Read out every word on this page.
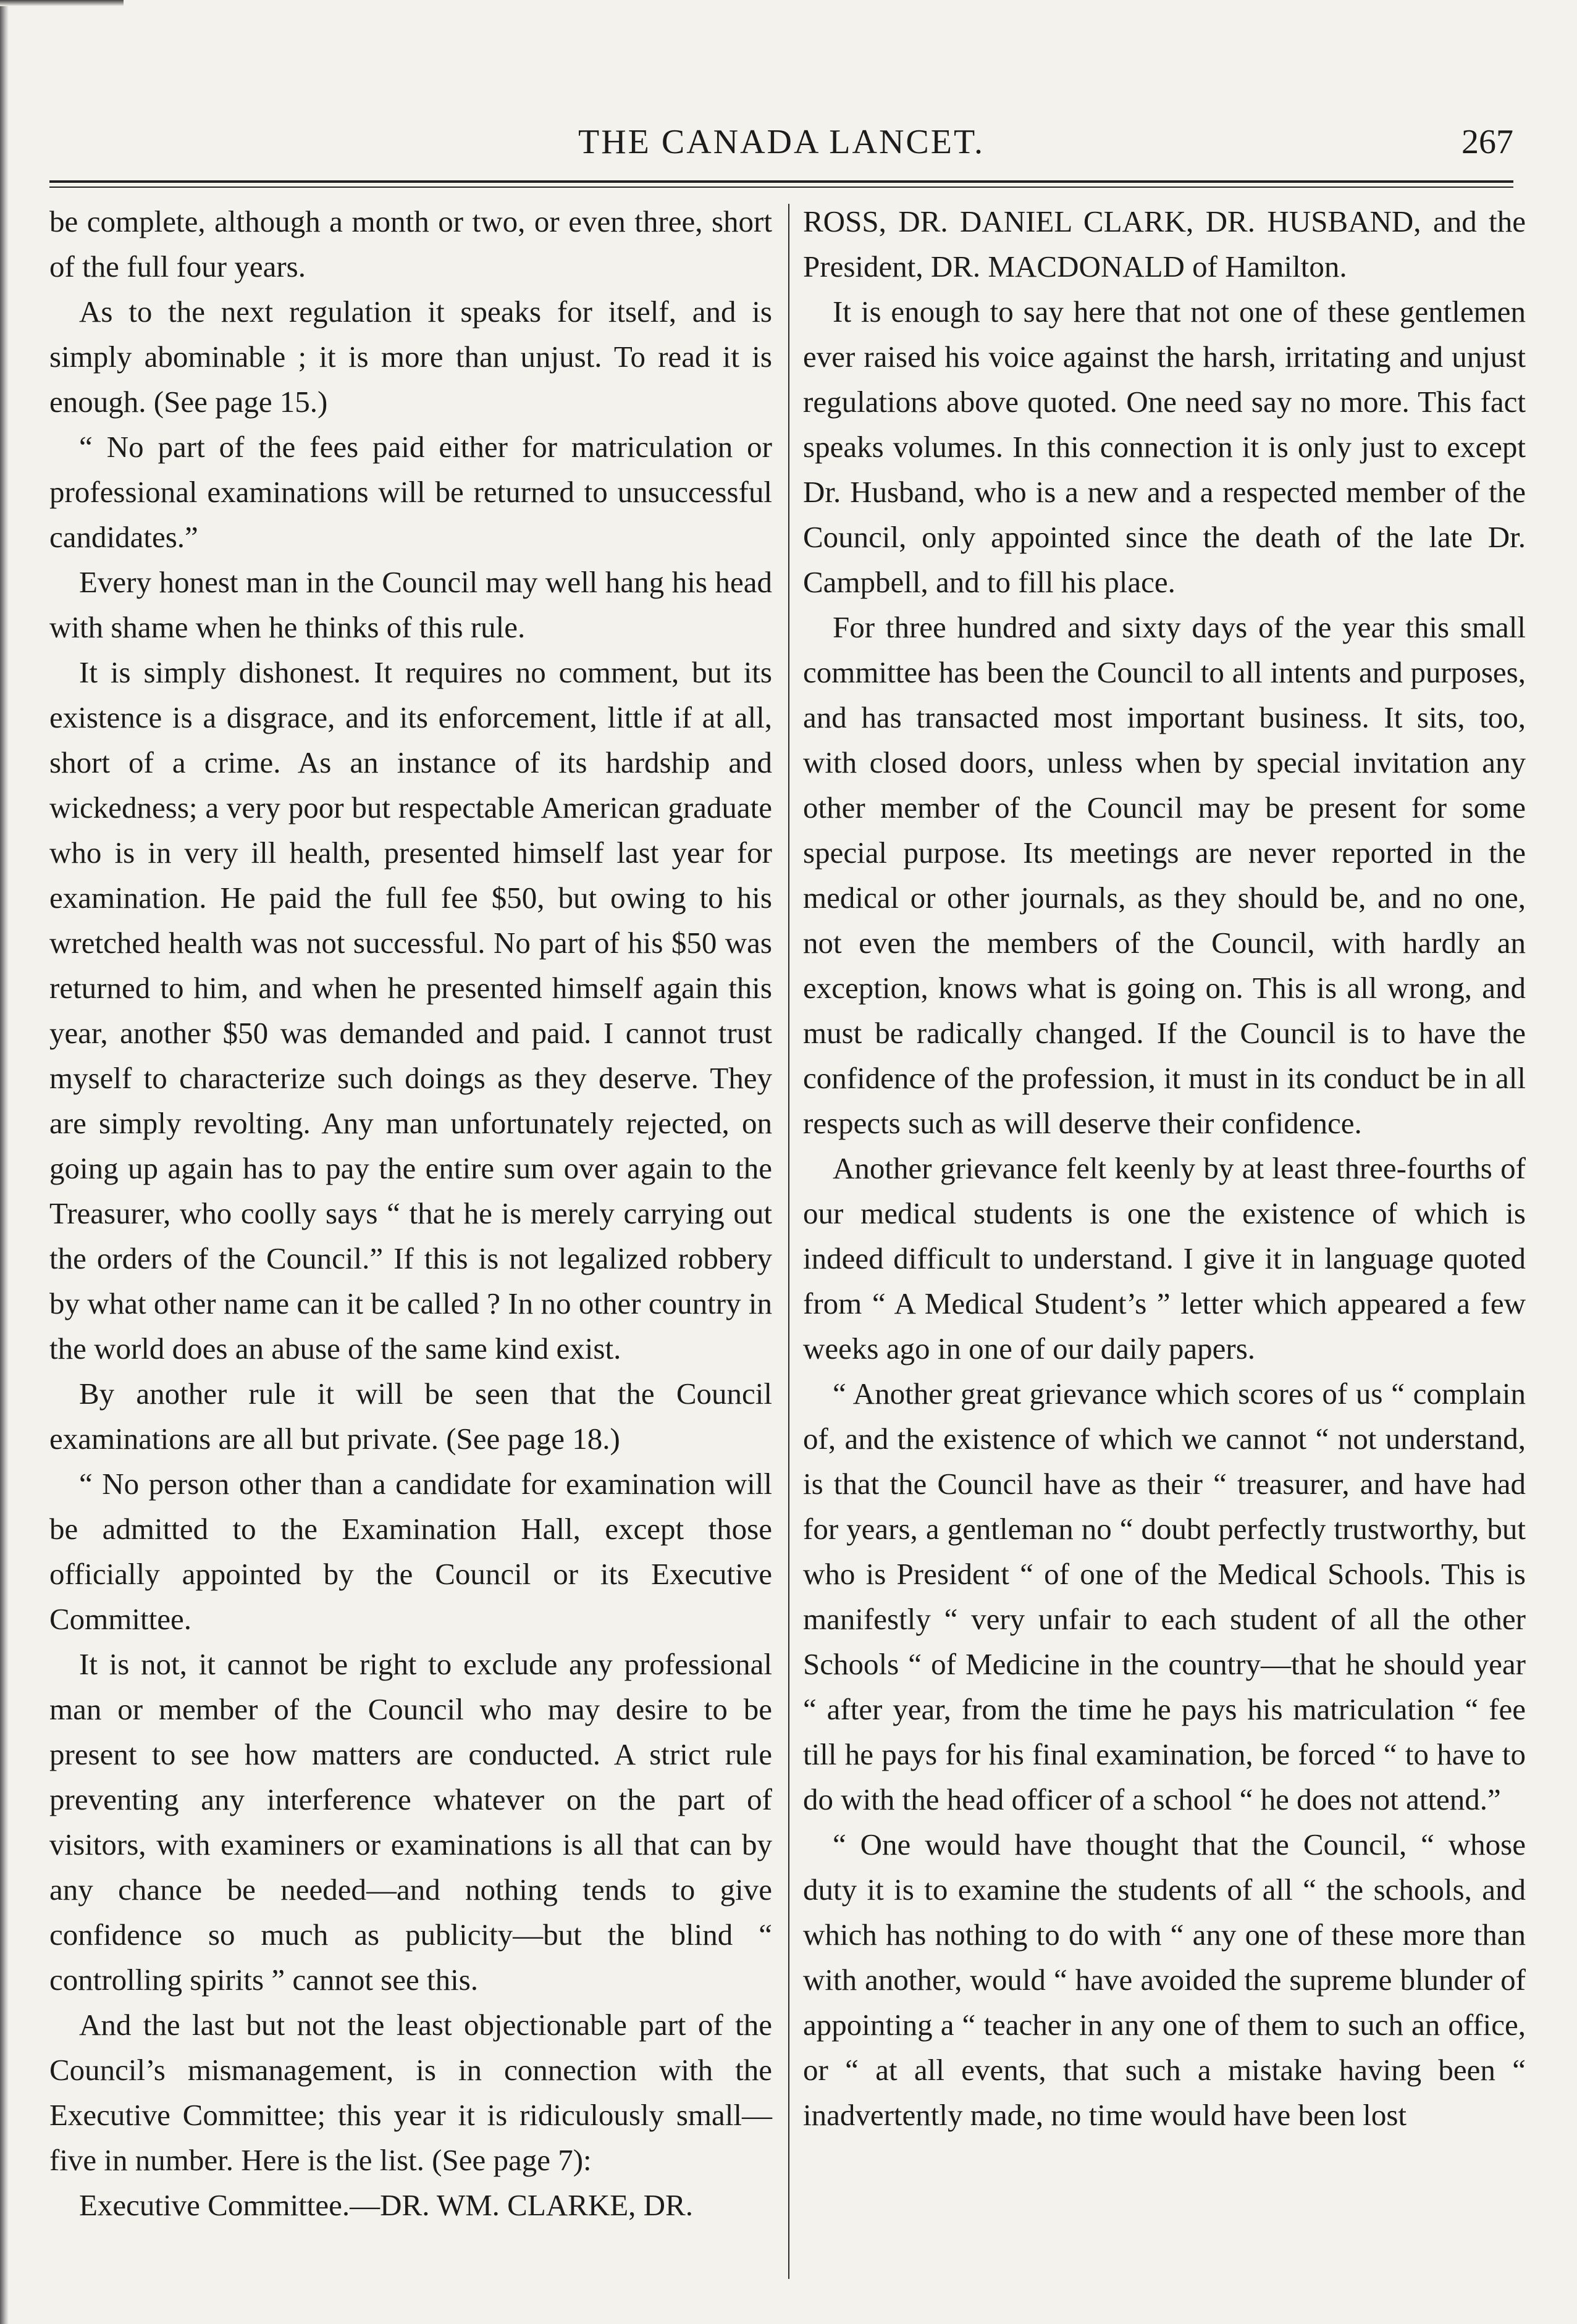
THE CANADA LANCET.	267

be complete, although a month or two, or even three, short of the full four years.

As to the next regulation it speaks for itself, and is simply abominable ; it is more than unjust. To read it is enough. (See page 15.)

“ No part of the fees paid either for matriculation or professional examinations will be returned to unsuccessful candidates.”

Every honest man in the Council may well hang his head with shame when he thinks of this rule.

It is simply dishonest. It requires no comment, but its existence is a disgrace, and its enforcement, little if at all, short of a crime. As an instance of its hardship and wickedness; a very poor but respectable American graduate who is in very ill health, presented himself last year for examination. He paid the full fee $50, but owing to his wretched health was not successful. No part of his $50 was returned to him, and when he presented himself again this year, another $50 was demanded and paid. I cannot trust myself to characterize such doings as they deserve. They are simply revolting. Any man unfortunately rejected, on going up again has to pay the entire sum over again to the Treasurer, who coolly says “ that he is merely carrying out the orders of the Council.” If this is not legalized robbery by what other name can it be called ? In no other country in the world does an abuse of the same kind exist.

By another rule it will be seen that the Council examinations are all but private. (See page 18.)

“ No person other than a candidate for examination will be admitted to the Examination Hall, except those officially appointed by the Council or its Executive Committee.

It is not, it cannot be right to exclude any professional man or member of the Council who may desire to be present to see how matters are conducted. A strict rule preventing any interference whatever on the part of visitors, with examiners or examinations is all that can by any chance be needed—and nothing tends to give confidence so much as publicity—but the blind “ controlling spirits ” cannot see this.

And the last but not the least objectionable part of the Council’s mismanagement, is in connection with the Executive Committee; this year it is ridiculously small—five in number. Here is the list. (See page 7):

Executive Committee.—DR. WM. CLARKE, DR.

ROSS, DR. DANIEL CLARK, DR. HUSBAND, and the President, DR. MACDONALD of Hamilton.

It is enough to say here that not one of these gentlemen ever raised his voice against the harsh, irritating and unjust regulations above quoted. One need say no more. This fact speaks volumes. In this connection it is only just to except Dr. Husband, who is a new and a respected member of the Council, only appointed since the death of the late Dr. Campbell, and to fill his place.

For three hundred and sixty days of the year this small committee has been the Council to all intents and purposes, and has transacted most important business. It sits, too, with closed doors, unless when by special invitation any other member of the Council may be present for some special purpose. Its meetings are never reported in the medical or other journals, as they should be, and no one, not even the members of the Council, with hardly an exception, knows what is going on. This is all wrong, and must be radically changed. If the Council is to have the confidence of the profession, it must in its conduct be in all respects such as will deserve their confidence.

Another grievance felt keenly by at least three-fourths of our medical students is one the existence of which is indeed difficult to understand. I give it in language quoted from “ A Medical Student’s ” letter which appeared a few weeks ago in one of our daily papers.

“ Another great grievance which scores of us “ complain of, and the existence of which we cannot “ not understand, is that the Council have as their “ treasurer, and have had for years, a gentleman no “ doubt perfectly trustworthy, but who is President “ of one of the Medical Schools. This is manifestly “ very unfair to each student of all the other Schools “ of Medicine in the country—that he should year “ after year, from the time he pays his matriculation “ fee till he pays for his final examination, be forced “ to have to do with the head officer of a school “ he does not attend.”

“ One would have thought that the Council, “ whose duty it is to examine the students of all “ the schools, and which has nothing to do with “ any one of these more than with another, would “ have avoided the supreme blunder of appointing a “ teacher in any one of them to such an office, or “ at all events, that such a mistake having been “ inadvertently made, no time would have been lost
